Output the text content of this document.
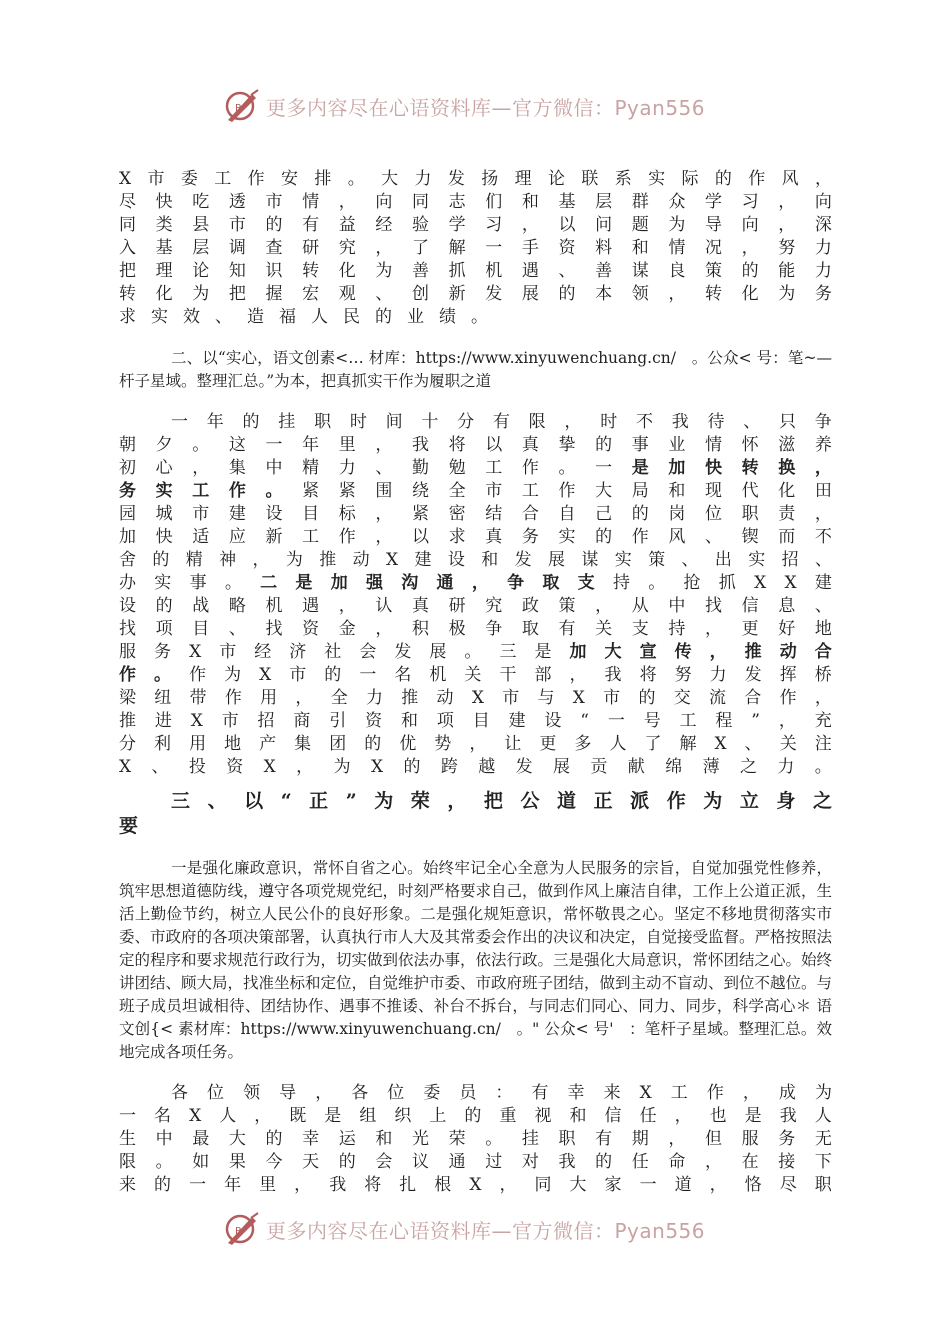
P 更多内容尽在心语资料库—官方微信：Pyan556
X 市 委 工 作 安 排 。 大 力 发 扬 理 论 联 系 实 际 的 作 风 ，
尽 快 吃 透 市 情 ， 向 同 志 们 和 基 层 群 众 学 习 ， 向
同 类 县 市 的 有 益 经 验 学 习 ， 以 问 题 为 导 向 ， 深
入 基 层 调 查 研 究 ， 了 解 一 手 资 料 和 情 况 ， 努 力
把 理 论 知 识 转 化 为 善 抓 机 遇 、 善 谋 良 策 的 能 力
转 化 为 把 握 宏 观 、 创 新 发 展 的 本 领 ， 转 化 为 务
求 实 效 、 造 福 人 民 的 业 绩 。
二、以“实心，语文创素<… 材库：https://www.xinyuwenchuang.cn/　。公众< 号：笔~—杆子星域。整理汇总。”为本，把真抓实干作为履职之道
一 年 的 挂 职 时 间 十 分 有 限 ， 时 不 我 待 、 只 争
朝 夕 。 这 一 年 里 ， 我 将 以 真 挚 的 事 业 情 怀 滋 养
初 心 ， 集 中 精 力 、 勤 勉 工 作 。 一 是 加 快 转 换 ，
务 实 工 作 。 紧 紧 围 绕 全 市 工 作 大 局 和 现 代 化 田
园 城 市 建 设 目 标 ， 紧 密 结 合 自 己 的 岗 位 职 责 ，
加 快 适 应 新 工 作 ， 以 求 真 务 实 的 作 风 、 锲 而 不
舍 的 精 神 ， 为 推 动 X 建 设 和 发 展 谋 实 策 、 出 实 招 、
办 实 事 。 二 是 加 强 沟 通 ， 争 取 支 持 。 抢 抓 X X 建
设 的 战 略 机 遇 ， 认 真 研 究 政 策 ， 从 中 找 信 息 、
找 项 目 、 找 资 金 ， 积 极 争 取 有 关 支 持 ， 更 好 地
服 务 X 市 经 济 社 会 发 展 。 三 是 加 大 宣 传 ， 推 动 合
作 。 作 为 X 市 的 一 名 机 关 干 部 ， 我 将 努 力 发 挥 桥
梁 纽 带 作 用 ， 全 力 推 动 X 市 与 X 市 的 交 流 合 作 ，
推 进 X 市 招 商 引 资 和 项 目 建 设 “ 一 号 工 程 ” ， 充
分 利 用 地 产 集 团 的 优 势 ， 让 更 多 人 了 解 X 、 关 注
X 、 投 资 X ， 为 X 的 跨 越 发 展 贡 献 绵 薄 之 力 。
三 、 以 “ 正 ” 为 荣 ， 把 公 道 正 派 作 为 立 身 之
要
一是强化廉政意识，常怀自省之心。始终牢记全心全意为人民服务的宗旨，自觉加强党性修养，筑牢思想道德防线，遵守各项党规党纪，时刻严格要求自己，做到作风上廉洁自律，工作上公道正派，生活上勤俭节约，树立人民公仆的良好形象。二是强化规矩意识，常怀敬畏之心。坚定不移地贯彻落实市委、市政府的各项决策部署，认真执行市人大及其常委会作出的决议和决定，自觉接受监督。严格按照法定的程序和要求规范行政行为，切实做到依法办事，依法行政。三是强化大局意识，常怀团结之心。始终讲团结、顾大局，找准坐标和定位，自觉维护市委、市政府班子团结，做到主动不盲动、到位不越位。与班子成员坦诚相待、团结协作、遇事不推诿、补台不拆台，与同志们同心、同力、同步，科学高心＊ 语文创{< 素材库：https://www.xinyuwenchuang.cn/　。" 公众< 号'　：笔杆子星域。整理汇总。效地完成各项任务。
各 位 领 导 ， 各 位 委 员 ： 有 幸 来 X 工 作 ， 成 为
一 名 X 人 ， 既 是 组 织 上 的 重 视 和 信 任 ， 也 是 我 人
生 中 最 大 的 幸 运 和 光 荣 。 挂 职 有 期 ， 但 服 务 无
限 。 如 果 今 天 的 会 议 通 过 对 我 的 任 命 ， 在 接 下
来 的 一 年 里 ， 我 将 扎 根 X ， 同 大 家 一 道 ， 恪 尽 职
P 更多内容尽在心语资料库—官方微信：Pyan556
